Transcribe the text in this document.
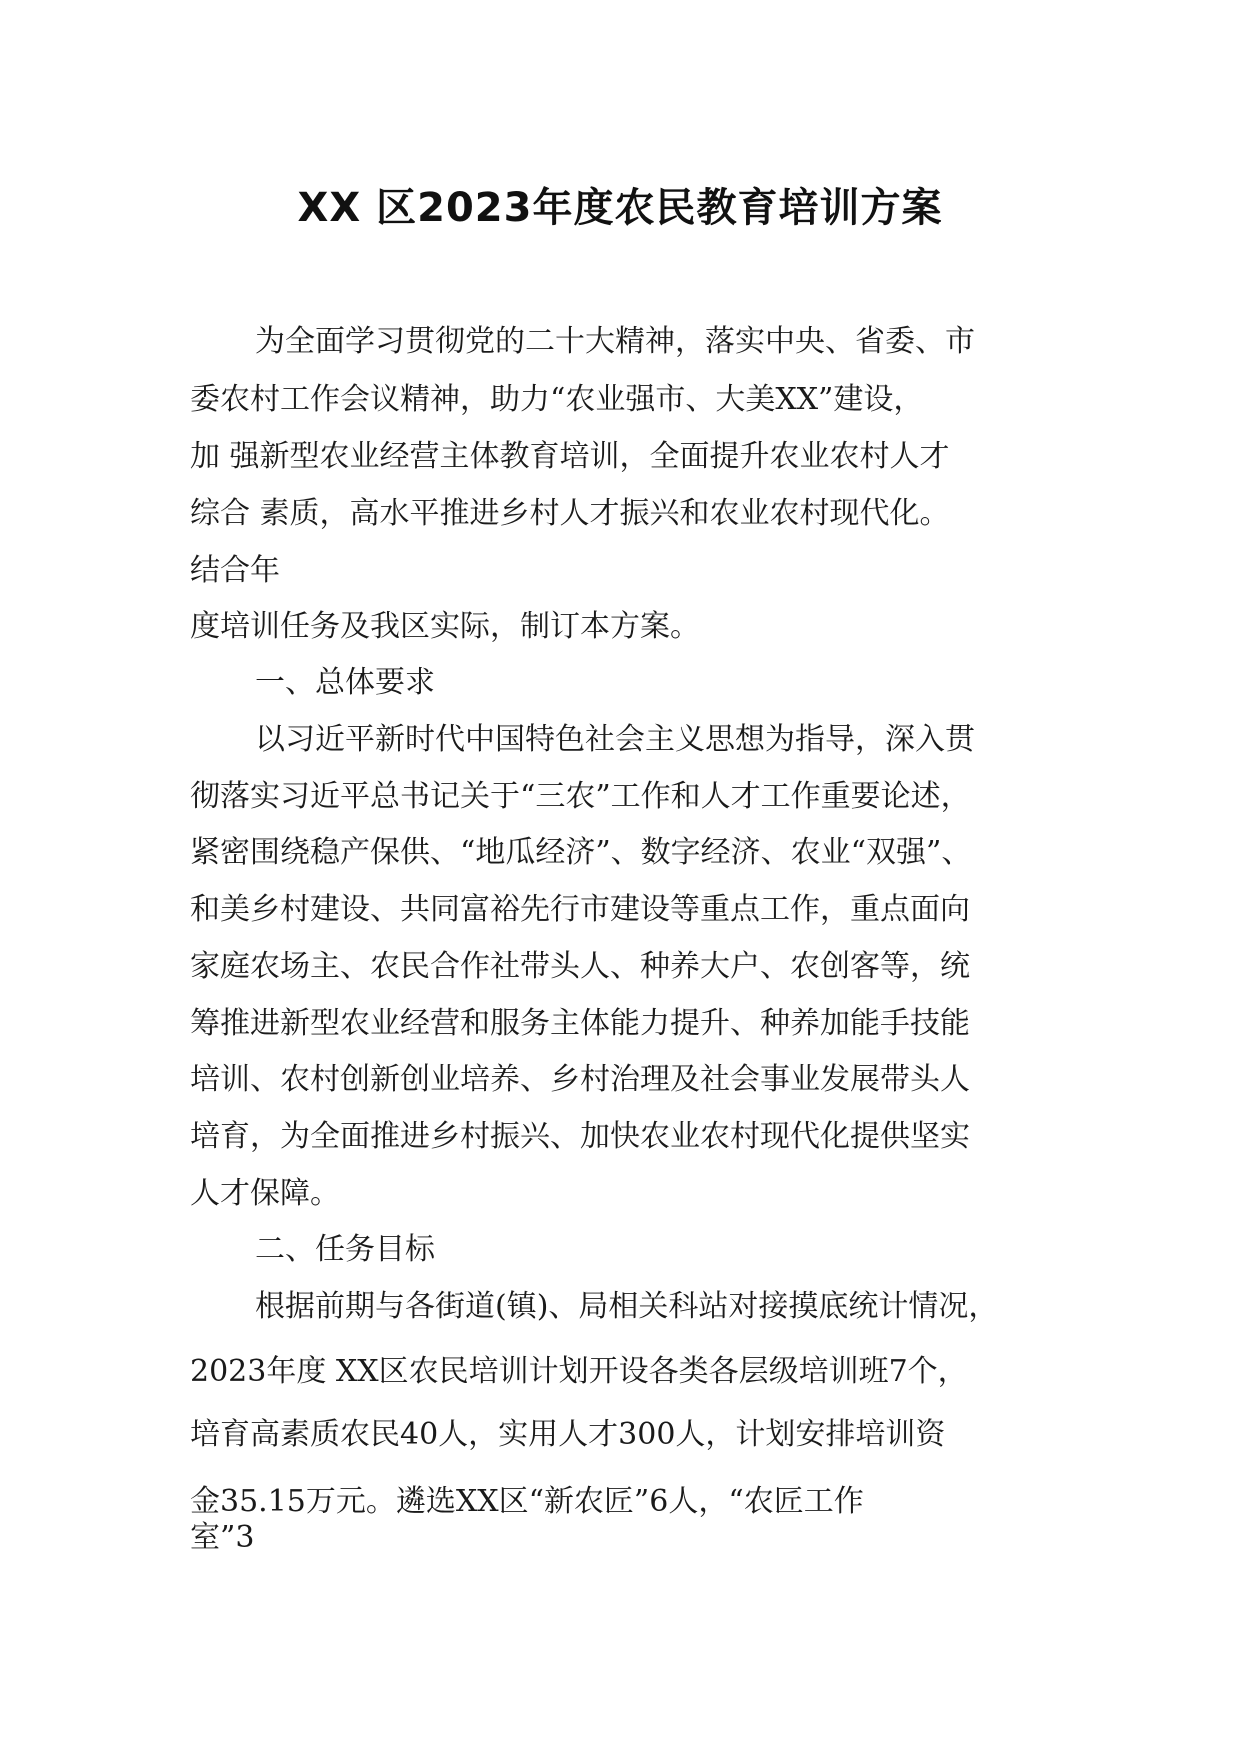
XX 区2023年度农民教育培训方案
为全面学习贯彻党的二十大精神，落实中央、省委、市
委农村工作会议精神，助力“农业强市、大美XX”建设，
加 强新型农业经营主体教育培训，全面提升农业农村人才
综合 素质，高水平推进乡村人才振兴和农业农村现代化。
结合年
度培训任务及我区实际，制订本方案。
一、总体要求
以习近平新时代中国特色社会主义思想为指导，深入贯
彻落实习近平总书记关于“三农”工作和人才工作重要论述，
紧密围绕稳产保供、“地瓜经济”、数字经济、农业“双强”、
和美乡村建设、共同富裕先行市建设等重点工作，重点面向
家庭农场主、农民合作社带头人、种养大户、农创客等，统
筹推进新型农业经营和服务主体能力提升、种养加能手技能
培训、农村创新创业培养、乡村治理及社会事业发展带头人
培育，为全面推进乡村振兴、加快农业农村现代化提供坚实
人才保障。
二、任务目标
根据前期与各街道(镇)、局相关科站对接摸底统计情况，
2023年度 XX区农民培训计划开设各类各层级培训班7个，
培育高素质农民40人，实用人才300人，计划安排培训资
金35.15万元。遴选XX区“新农匠”6人，“农匠工作
室”3
